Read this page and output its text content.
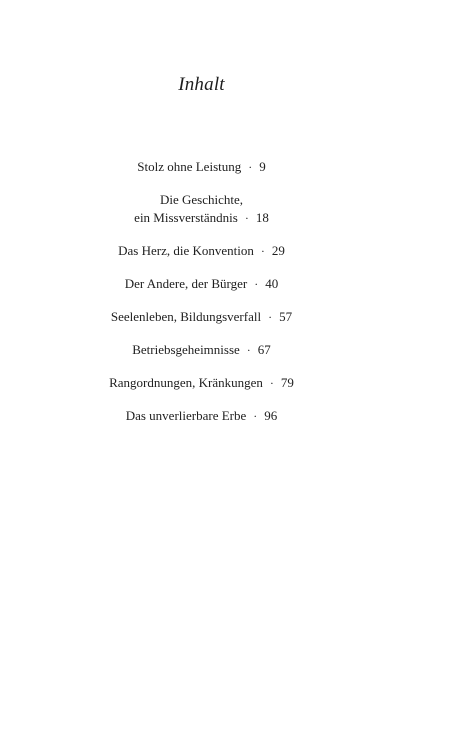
Inhalt
Stolz ohne Leistung · 9
Die Geschichte,
ein Missverständnis · 18
Das Herz, die Konvention · 29
Der Andere, der Bürger · 40
Seelenleben, Bildungsverfall · 57
Betriebsgeheimnisse · 67
Rangordnungen, Kränkungen · 79
Das unverlierbare Erbe · 96
